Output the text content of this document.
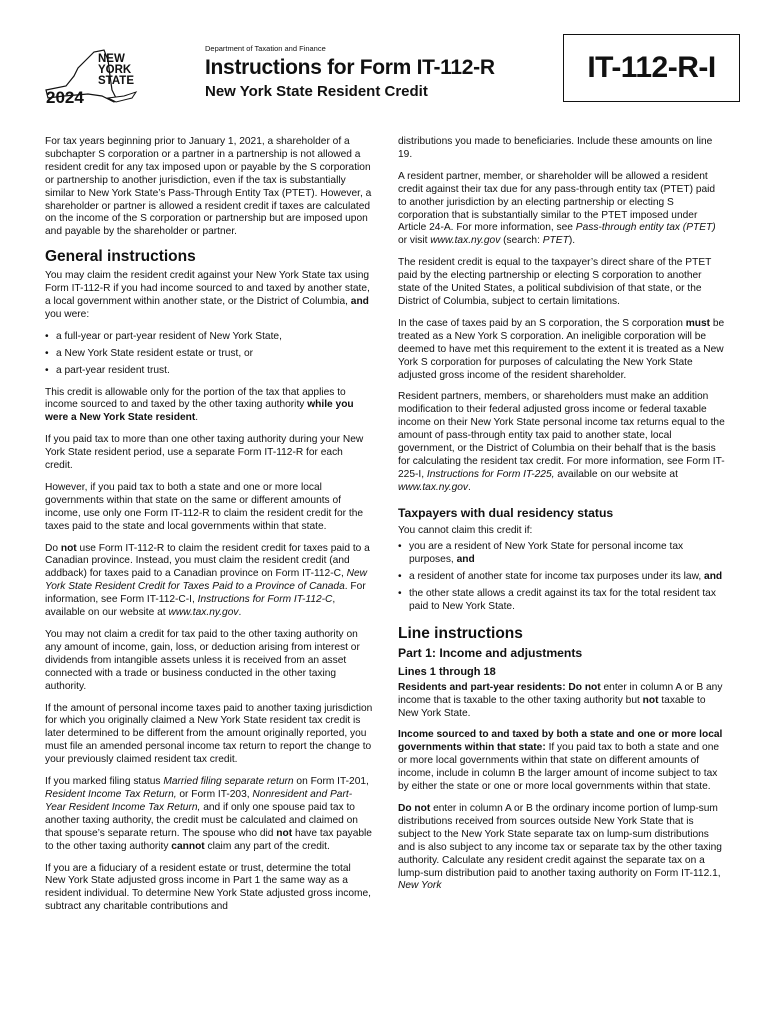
NEW
YORK
STATE
2024
Department of Taxation and Finance
Instructions for Form IT-112-R
New York State Resident Credit
IT-112-R-I

For tax years beginning prior to January 1, 2021, a shareholder of a subchapter S corporation or a partner in a partnership is not allowed a resident credit for any tax imposed upon or payable by the S corporation or partnership to another jurisdiction, even if the tax is substantially similar to New York State’s Pass-Through Entity Tax (PTET). However, a shareholder or partner is allowed a resident credit if taxes are calculated on the income of the S corporation or partnership but are imposed upon and payable by the shareholder or partner.

General instructions

You may claim the resident credit against your New York State tax using Form IT-112-R if you had income sourced to and taxed by another state, a local government within another state, or the District of Columbia, and you were:

• a full-year or part-year resident of New York State,
• a New York State resident estate or trust, or
• a part-year resident trust.

This credit is allowable only for the portion of the tax that applies to income sourced to and taxed by the other taxing authority while you were a New York State resident.

If you paid tax to more than one other taxing authority during your New York State resident period, use a separate Form IT-112-R for each credit.

However, if you paid tax to both a state and one or more local governments within that state on the same or different amounts of income, use only one Form IT-112-R to claim the resident credit for the taxes paid to the state and local governments within that state.

Do not use Form IT-112-R to claim the resident credit for taxes paid to a Canadian province. Instead, you must claim the resident credit (and addback) for taxes paid to a Canadian province on Form IT-112-C, New York State Resident Credit for Taxes Paid to a Province of Canada. For information, see Form IT-112-C-I, Instructions for Form IT-112-C, available on our website at www.tax.ny.gov.

You may not claim a credit for tax paid to the other taxing authority on any amount of income, gain, loss, or deduction arising from interest or dividends from intangible assets unless it is received from an asset connected with a trade or business conducted in the other taxing authority.

If the amount of personal income taxes paid to another taxing jurisdiction for which you originally claimed a New York State resident tax credit is later determined to be different from the amount originally reported, you must file an amended personal income tax return to report the change to your previously claimed resident tax credit.

If you marked filing status Married filing separate return on Form IT-201, Resident Income Tax Return, or Form IT-203, Nonresident and Part-Year Resident Income Tax Return, and if only one spouse paid tax to another taxing authority, the credit must be calculated and claimed on that spouse’s separate return. The spouse who did not have tax payable to the other taxing authority cannot claim any part of the credit.

If you are a fiduciary of a resident estate or trust, determine the total New York State adjusted gross income in Part 1 the same way as a resident individual. To determine New York State adjusted gross income, subtract any charitable contributions and

distributions you made to beneficiaries. Include these amounts on line 19.

A resident partner, member, or shareholder will be allowed a resident credit against their tax due for any pass-through entity tax (PTET) paid to another jurisdiction by an electing partnership or electing S corporation that is substantially similar to the PTET imposed under Article 24-A. For more information, see Pass-through entity tax (PTET) or visit www.tax.ny.gov (search: PTET).

The resident credit is equal to the taxpayer’s direct share of the PTET paid by the electing partnership or electing S corporation to another state of the United States, a political subdivision of that state, or the District of Columbia, subject to certain limitations.

In the case of taxes paid by an S corporation, the S corporation must be treated as a New York S corporation. An ineligible corporation will be deemed to have met this requirement to the extent it is treated as a New York S corporation for purposes of calculating the New York State adjusted gross income of the resident shareholder.

Resident partners, members, or shareholders must make an addition modification to their federal adjusted gross income or federal taxable income on their New York State personal income tax returns equal to the amount of pass-through entity tax paid to another state, local government, or the District of Columbia on their behalf that is the basis for calculating the resident tax credit. For more information, see Form IT-225-I, Instructions for Form IT-225, available on our website at www.tax.ny.gov.

Taxpayers with dual residency status

You cannot claim this credit if:

• you are a resident of New York State for personal income tax purposes, and
• a resident of another state for income tax purposes under its law, and
• the other state allows a credit against its tax for the total resident tax paid to New York State.
Line instructions
Part 1: Income and adjustments
Lines 1 through 18

Residents and part-year residents: Do not enter in column A or B any income that is taxable to the other taxing authority but not taxable to New York State.

Income sourced to and taxed by both a state and one or more local governments within that state: If you paid tax to both a state and one or more local governments within that state on different amounts of income, include in column B the larger amount of income subject to tax by either the state or one or more local governments within that state.

Do not enter in column A or B the ordinary income portion of lump-sum distributions received from sources outside New York State that is subject to the New York State separate tax on lump-sum distributions and is also subject to any income tax or separate tax by the other taxing authority. Calculate any resident credit against the separate tax on a lump-sum distribution paid to another taxing authority on Form IT-112.1, New York
